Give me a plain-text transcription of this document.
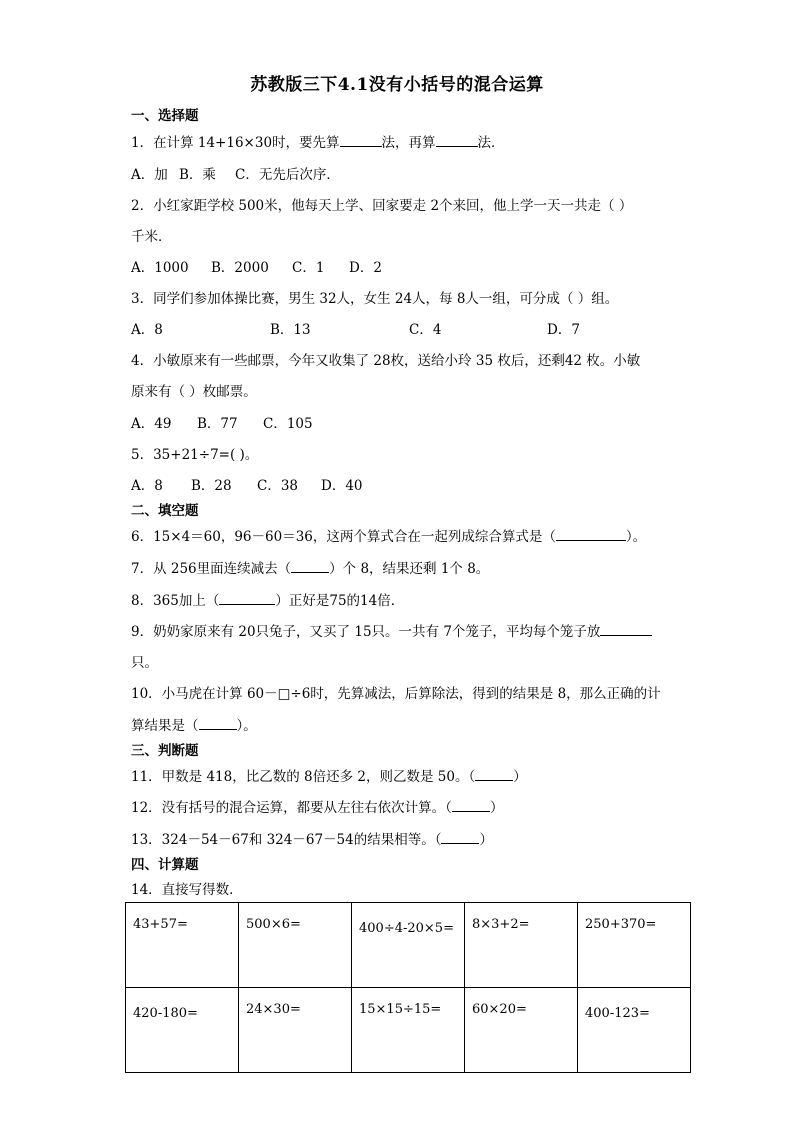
苏教版三下4.1没有小括号的混合运算
一、选择题
1．在计算 14+16×30时，要先算	法，再算	法．
A．加 B．乘 C．无先后次序．
2．小红家距学校 500米，他每天上学、回家要走 2个来回，他上学一天一共走（ ）
千米．
A．1000 B．2000 C．1 D．2
3．同学们参加体操比赛，男生 32人，女生 24人，每 8人一组，可分成（ ）组。
A．8	B．13	C．4	D．7
4．小敏原来有一些邮票，今年又收集了 28枚，送给小玲 35 枚后，还剩42 枚。小敏
原来有（ ）枚邮票。
A．49 B．77 C．105
5．35+21÷7=( )。
A．8 B．28 C．38 D．40
二、填空题
6．15×4＝60，96－60＝36，这两个算式合在一起列成综合算式是（	）。
7．从 256里面连续减去（	）个 8，结果还剩 1个 8。
8．365加上（	）正好是75的14倍．
9．奶奶家原来有 20只兔子，又买了 15只。一共有 7个笼子，平均每个笼子放
只。
10．小马虎在计算 60－□÷6时，先算减法，后算除法，得到的结果是 8，那么正确的计
算结果是（	）。
三、判断题
11．甲数是 418，比乙数的 8倍还多 2，则乙数是 50。（	）
12．没有括号的混合运算，都要从左往右依次计算。（	）
13．324－54－67和 324－67－54的结果相等。（	）
四、计算题
14．直接写得数．
43+57=	500×6=	400÷4-20×5=	8×3+2=	250+370=
420-180=	24×30=	15×15÷15=	60×20=	400-123=
